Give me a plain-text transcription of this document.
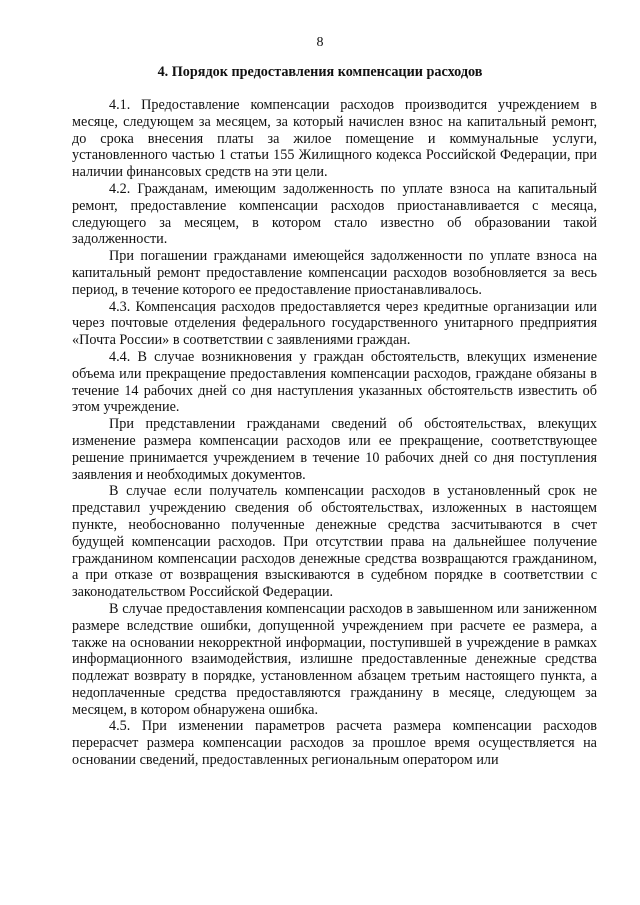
8
4. Порядок предоставления компенсации расходов

4.1. Предоставление компенсации расходов производится учреждением в месяце, следующем за месяцем, за который начислен взнос на капитальный ремонт, до срока внесения платы за жилое помещение и коммунальные услуги, установленного частью 1 статьи 155 Жилищного кодекса Российской Федерации, при наличии финансовых средств на эти цели.

4.2. Гражданам, имеющим задолженность по уплате взноса на капитальный ремонт, предоставление компенсации расходов приостанавливается с месяца, следующего за месяцем, в котором стало известно об образовании такой задолженности.

При погашении гражданами имеющейся задолженности по уплате взноса на капитальный ремонт предоставление компенсации расходов возобновляется за весь период, в течение которого ее предоставление приостанавливалось.

4.3. Компенсация расходов предоставляется через кредитные организации или через почтовые отделения федерального государственного унитарного предприятия «Почта России» в соответствии с заявлениями граждан.

4.4. В случае возникновения у граждан обстоятельств, влекущих изменение объема или прекращение предоставления компенсации расходов, граждане обязаны в течение 14 рабочих дней со дня наступления указанных обстоятельств известить об этом учреждение.

При представлении гражданами сведений об обстоятельствах, влекущих изменение размера компенсации расходов или ее прекращение, соответствующее решение принимается учреждением в течение 10 рабочих дней со дня поступления заявления и необходимых документов.

В случае если получатель компенсации расходов в установленный срок не представил учреждению сведения об обстоятельствах, изложенных в настоящем пункте, необоснованно полученные денежные средства засчитываются в счет будущей компенсации расходов. При отсутствии права на дальнейшее получение гражданином компенсации расходов денежные средства возвращаются гражданином, а при отказе от возвращения взыскиваются в судебном порядке в соответствии с законодательством Российской Федерации.

В случае предоставления компенсации расходов в завышенном или заниженном размере вследствие ошибки, допущенной учреждением при расчете ее размера, а также на основании некорректной информации, поступившей в учреждение в рамках информационного взаимодействия, излишне предоставленные денежные средства подлежат возврату в порядке, установленном абзацем третьим настоящего пункта, а недоплаченные средства предоставляются гражданину в месяце, следующем за месяцем, в котором обнаружена ошибка.

4.5. При изменении параметров расчета размера компенсации расходов перерасчет размера компенсации расходов за прошлое время осуществляется на основании сведений, предоставленных региональным оператором или
